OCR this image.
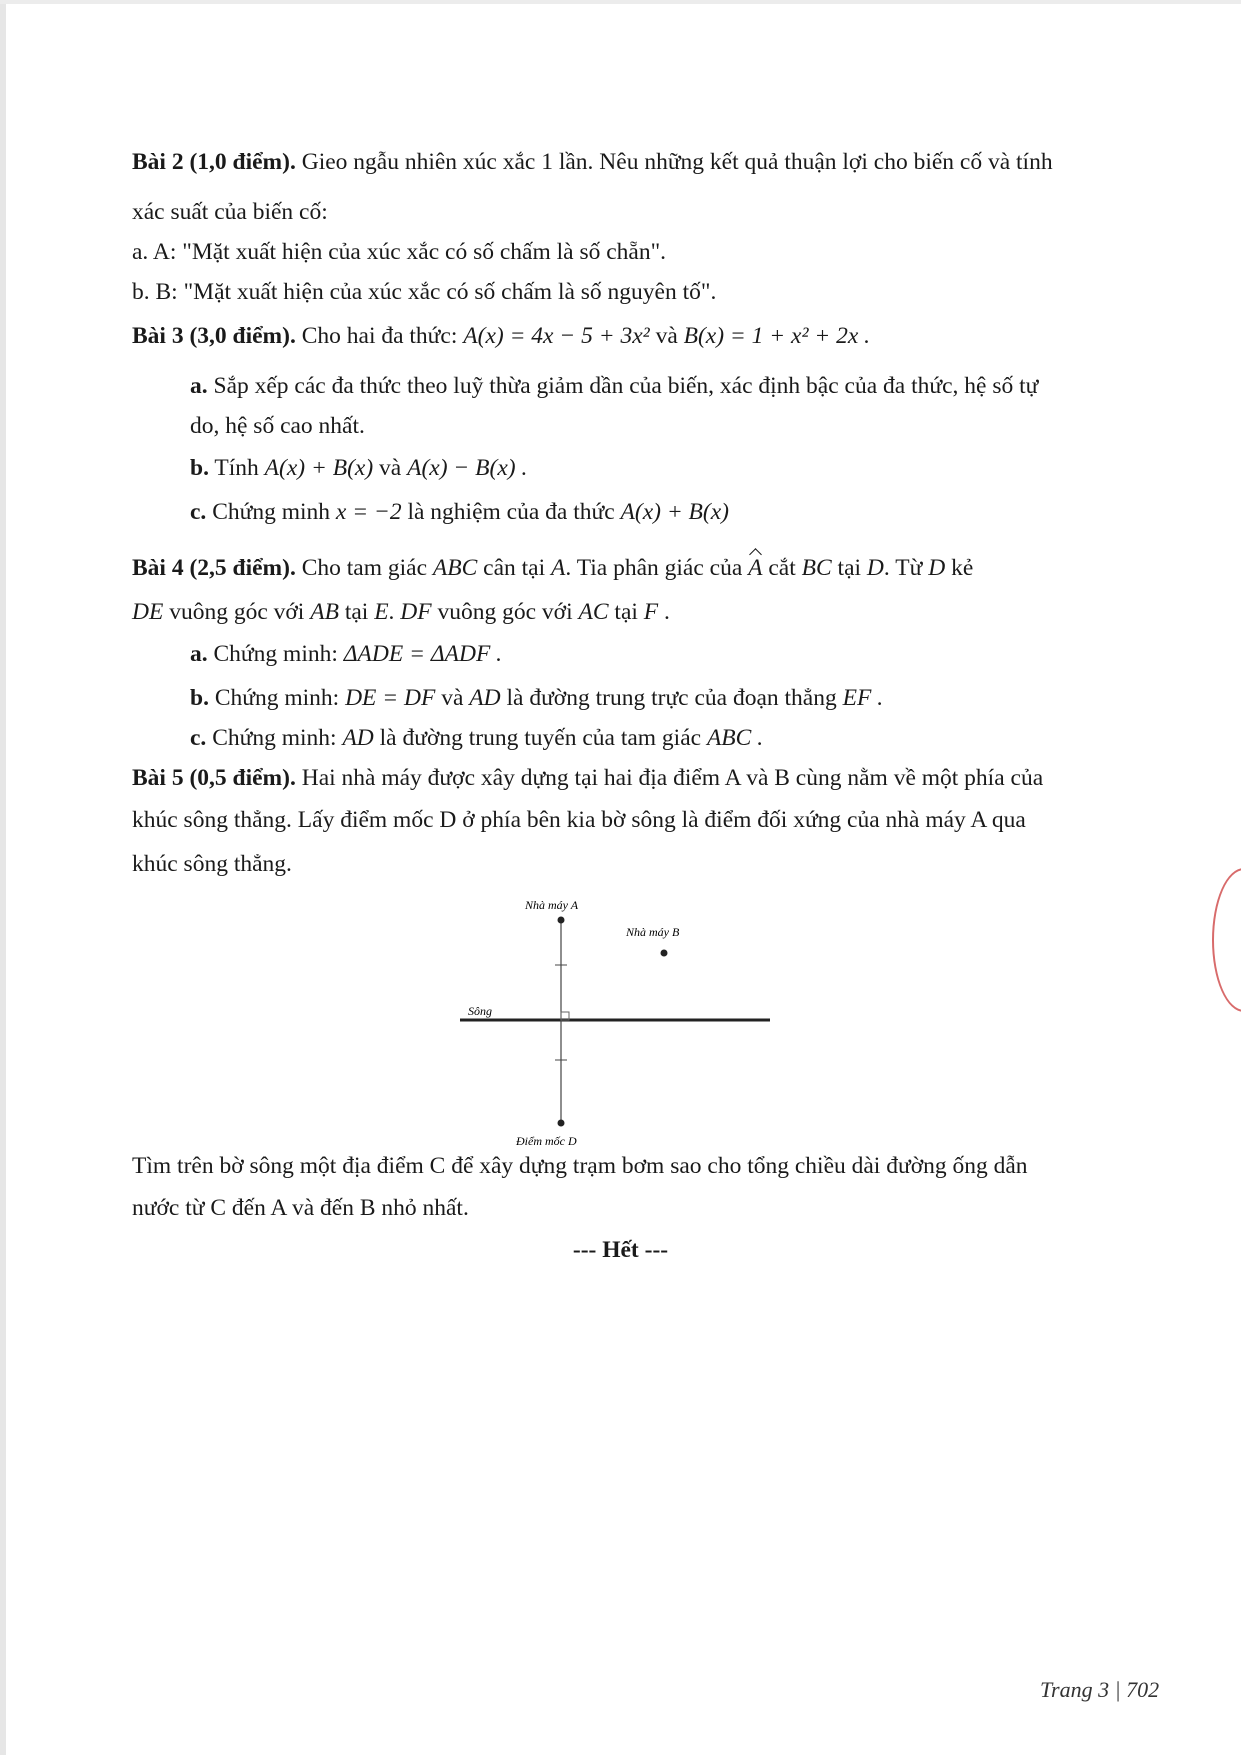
Bài 2 (1,0 điểm). Gieo ngẫu nhiên xúc xắc 1 lần. Nêu những kết quả thuận lợi cho biến cố và tính
xác suất của biến cố:
a. A: "Mặt xuất hiện của xúc xắc có số chấm là số chẵn".
b. B: "Mặt xuất hiện của xúc xắc có số chấm là số nguyên tố".
Bài 3 (3,0 điểm). Cho hai đa thức: A(x) = 4x − 5 + 3x² và B(x) = 1 + x² + 2x .
a. Sắp xếp các đa thức theo luỹ thừa giảm dần của biến, xác định bậc của đa thức, hệ số tự
do, hệ số cao nhất.
b. Tính A(x) + B(x) và A(x) − B(x) .
c. Chứng minh x = −2 là nghiệm của đa thức A(x) + B(x)
Bài 4 (2,5 điểm). Cho tam giác ABC cân tại A. Tia phân giác của A cắt BC tại D. Từ D kẻ
DE vuông góc với AB tại E. DF vuông góc với AC tại F .
a. Chứng minh: ΔADE = ΔADF .
b. Chứng minh: DE = DF và AD là đường trung trực của đoạn thẳng EF .
c. Chứng minh: AD là đường trung tuyến của tam giác ABC .
Bài 5 (0,5 điểm). Hai nhà máy được xây dựng tại hai địa điểm A và B cùng nằm về một phía của
khúc sông thẳng. Lấy điểm mốc D ở phía bên kia bờ sông là điểm đối xứng của nhà máy A qua
khúc sông thẳng.
Nhà máy A
Nhà máy B
Sông
Điểm mốc D
Tìm trên bờ sông một địa điểm C để xây dựng trạm bơm sao cho tổng chiều dài đường ống dẫn
nước từ C đến A và đến B nhỏ nhất.
--- Hết ---
Trang 3 | 702
